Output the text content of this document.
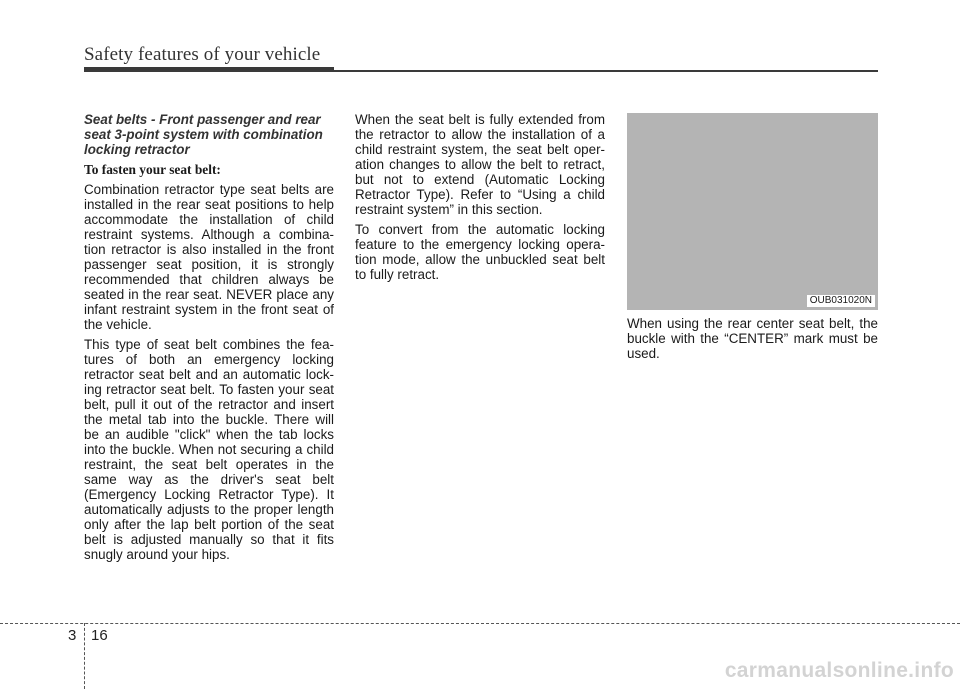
Safety features of your vehicle
Seat belts - Front passenger and rear seat 3-point system with combination locking retractor
To fasten your seat belt:

Combination retractor type seat belts are installed in the rear seat positions to help accommodate the installation of child restraint systems. Although a combina-tion retractor is also installed in the front passenger seat position, it is strongly recommended that children always be seated in the rear seat. NEVER place any infant restraint system in the front seat of the vehicle.

This type of seat belt combines the fea-tures of both an emergency locking retractor seat belt and an automatic lock-ing retractor seat belt. To fasten your seat belt, pull it out of the retractor and insert the metal tab into the buckle. There will be an audible "click" when the tab locks into the buckle. When not securing a child restraint, the seat belt operates in the same way as the driver's seat belt (Emergency Locking Retractor Type). It automatically adjusts to the proper length only after the lap belt portion of the seat belt is adjusted manually so that it fits snugly around your hips.

When the seat belt is fully extended from the retractor to allow the installation of a child restraint system, the seat belt oper-ation changes to allow the belt to retract, but not to extend (Automatic Locking Retractor Type). Refer to “Using a child restraint system” in this section.

To convert from the automatic locking feature to the emergency locking opera-tion mode, allow the unbuckled seat belt to fully retract.

OUB031020N

When using the rear center seat belt, the buckle with the “CENTER” mark must be used.

3 16
carmanualsonline.info
